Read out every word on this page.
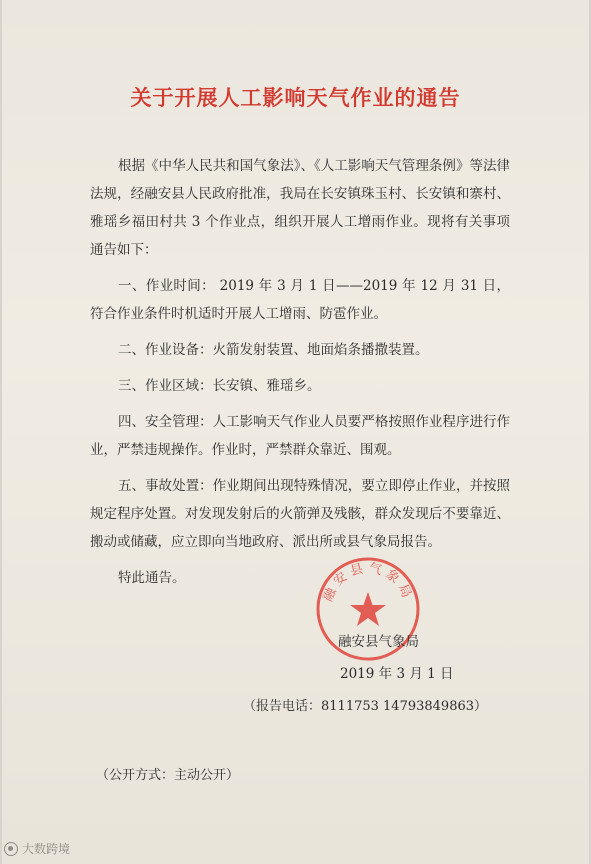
关于开展人工影响天气作业的通告

根据《中华人民共和国气象法》、《人工影响天气管理条例》等法律法规，经融安县人民政府批准，我局在长安镇珠玉村、长安镇和寨村、雅瑶乡福田村共 3 个作业点，组织开展人工增雨作业。现将有关事项通告如下：

一、作业时间： 2019 年 3 月 1 日——2019 年 12 月 31 日，符合作业条件时机适时开展人工增雨、防雹作业。

二、作业设备：火箭发射装置、地面焰条播撒装置。

三、作业区域：长安镇、雅瑶乡。

四、安全管理：人工影响天气作业人员要严格按照作业程序进行作业，严禁违规操作。作业时，严禁群众靠近、围观。

五、事故处置：作业期间出现特殊情况，要立即停止作业，并按照规定程序处置。对发现发射后的火箭弹及残骸，群众发现后不要靠近、搬动或储藏，应立即向当地政府、派出所或县气象局报告。

特此通告。

融安县气象局
融安县气象局
2019 年 3 月 1 日
（报告电话：8111753 14793849863）
（公开方式：主动公开）
大数跨境
